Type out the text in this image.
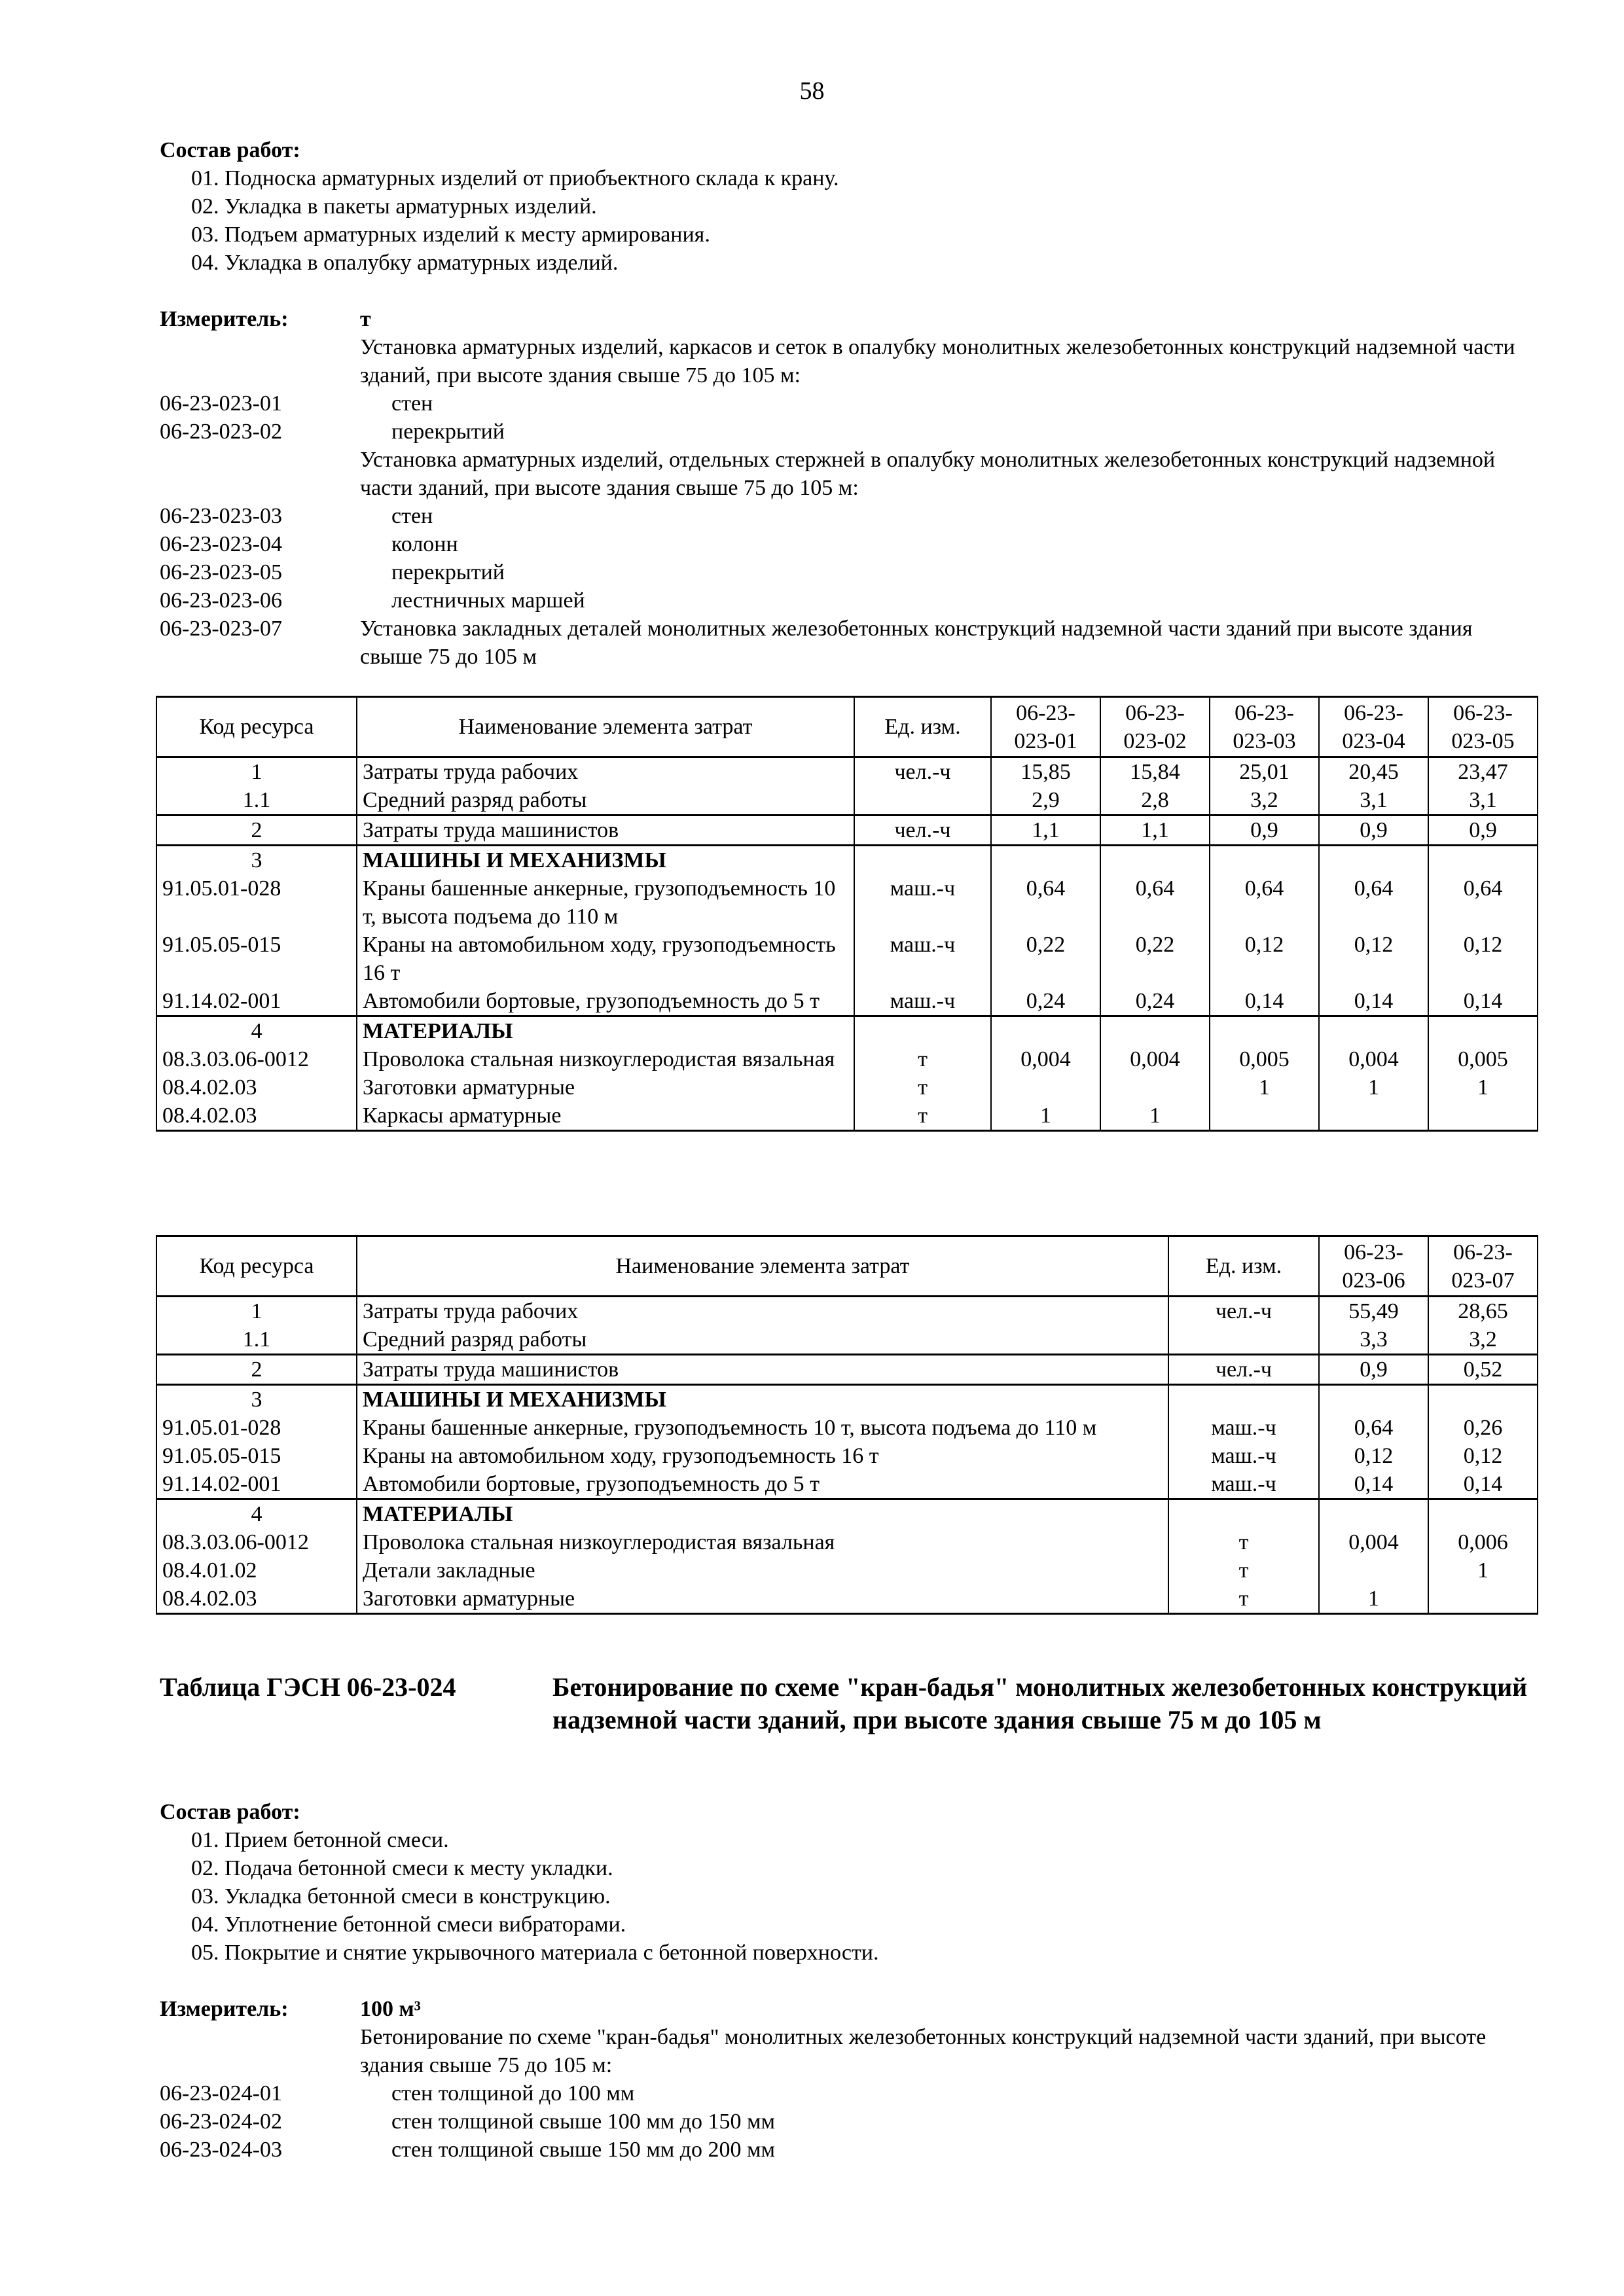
58
Состав работ:
01. Подноска арматурных изделий от приобъектного склада к крану.
02. Укладка в пакеты арматурных изделий.
03. Подъем арматурных изделий к месту армирования.
04. Укладка в опалубку арматурных изделий.
Измеритель:	т
Установка арматурных изделий, каркасов и сеток в опалубку монолитных железобетонных конструкций надземной части зданий, при высоте здания свыше 75 до 105 м:
06-23-023-01	стен
06-23-023-02	перекрытий
Установка арматурных изделий, отдельных стержней в опалубку монолитных железобетонных конструкций надземной части зданий, при высоте здания свыше 75 до 105 м:
06-23-023-03	стен
06-23-023-04	колонн
06-23-023-05	перекрытий
06-23-023-06	лестничных маршей
06-23-023-07	Установка закладных деталей монолитных железобетонных конструкций надземной части зданий при высоте здания свыше 75 до 105 м
Код ресурса	Наименование элемента затрат	Ед. изм.	06-23-023-01	06-23-023-02	06-23-023-03	06-23-023-04	06-23-023-05
1	Затраты труда рабочих	чел.-ч	15,85	15,84	25,01	20,45	23,47
1.1	Средний разряд работы		2,9	2,8	3,2	3,1	3,1
2	Затраты труда машинистов	чел.-ч	1,1	1,1	0,9	0,9	0,9
3	МАШИНЫ И МЕХАНИЗМЫ						
91.05.01-028	Краны башенные анкерные, грузоподъемность 10 т, высота подъема до 110 м	маш.-ч	0,64	0,64	0,64	0,64	0,64
91.05.05-015	Краны на автомобильном ходу, грузоподъемность 16 т	маш.-ч	0,22	0,22	0,12	0,12	0,12
91.14.02-001	Автомобили бортовые, грузоподъемность до 5 т	маш.-ч	0,24	0,24	0,14	0,14	0,14
4	МАТЕРИАЛЫ						
08.3.03.06-0012	Проволока стальная низкоуглеродистая вязальная	т	0,004	0,004	0,005	0,004	0,005
08.4.02.03	Заготовки арматурные	т			1	1	1
08.4.02.03	Каркасы арматурные	т	1	1			
Код ресурса	Наименование элемента затрат	Ед. изм.	06-23-023-06	06-23-023-07
1	Затраты труда рабочих	чел.-ч	55,49	28,65
1.1	Средний разряд работы		3,3	3,2
2	Затраты труда машинистов	чел.-ч	0,9	0,52
3	МАШИНЫ И МЕХАНИЗМЫ			
91.05.01-028	Краны башенные анкерные, грузоподъемность 10 т, высота подъема до 110 м	маш.-ч	0,64	0,26
91.05.05-015	Краны на автомобильном ходу, грузоподъемность 16 т	маш.-ч	0,12	0,12
91.14.02-001	Автомобили бортовые, грузоподъемность до 5 т	маш.-ч	0,14	0,14
4	МАТЕРИАЛЫ			
08.3.03.06-0012	Проволока стальная низкоуглеродистая вязальная	т	0,004	0,006
08.4.01.02	Детали закладные	т		1
08.4.02.03	Заготовки арматурные	т	1	
Таблица ГЭСН 06-23-024	Бетонирование по схеме "кран-бадья" монолитных железобетонных конструкций надземной части зданий, при высоте здания свыше 75 м до 105 м
Состав работ:
01. Прием бетонной смеси.
02. Подача бетонной смеси к месту укладки.
03. Укладка бетонной смеси в конструкцию.
04. Уплотнение бетонной смеси вибраторами.
05. Покрытие и снятие укрывочного материала с бетонной поверхности.
Измеритель:	100 м³
Бетонирование по схеме "кран-бадья" монолитных железобетонных конструкций надземной части зданий, при высоте здания свыше 75 до 105 м:
06-23-024-01	стен толщиной до 100 мм
06-23-024-02	стен толщиной свыше 100 мм до 150 мм
06-23-024-03	стен толщиной свыше 150 мм до 200 мм
